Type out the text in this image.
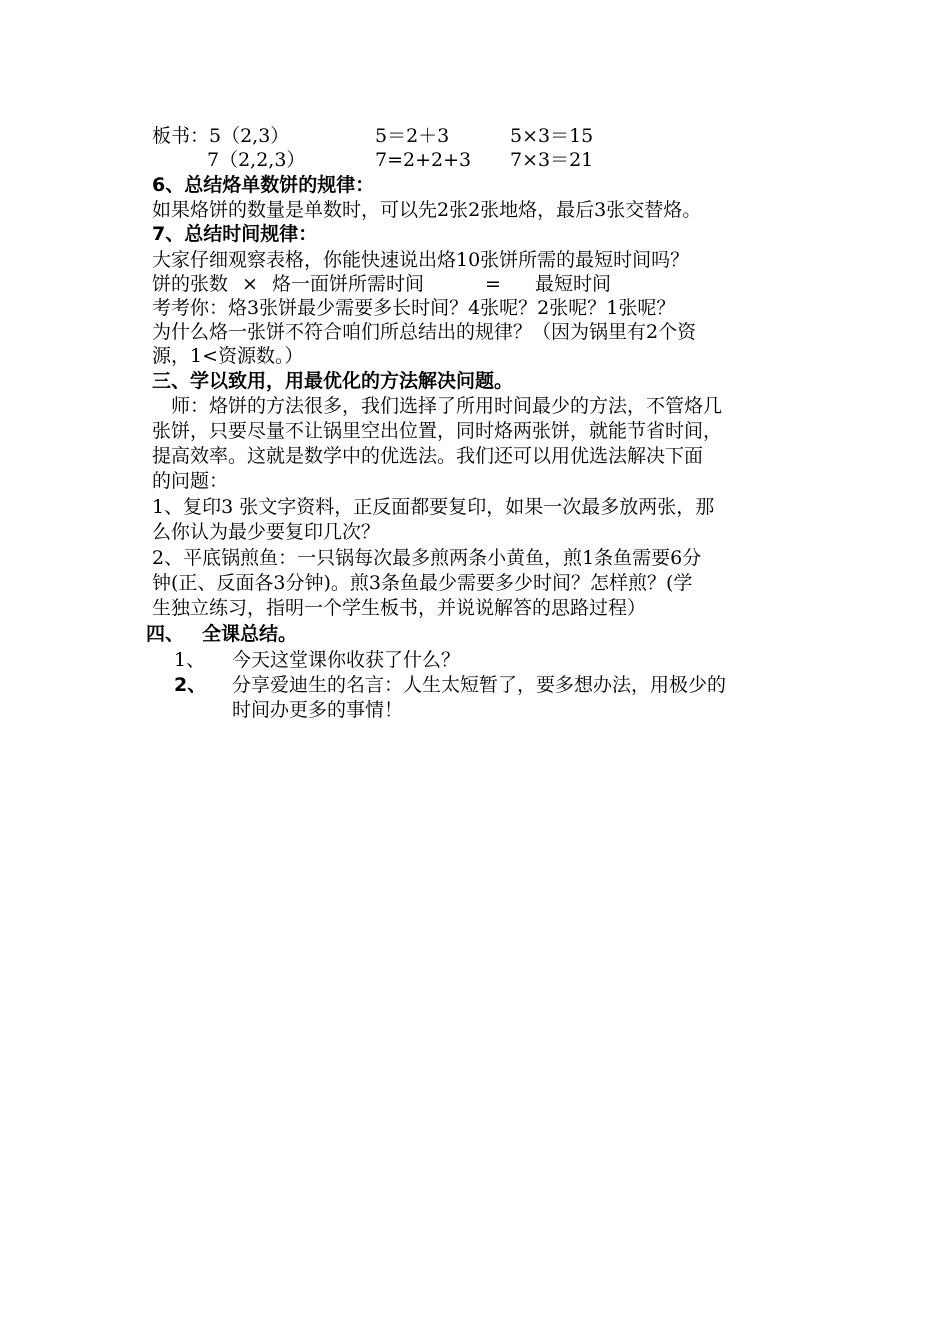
板书：5（2,3）	5＝2＋3	5×3＝15
7（2,2,3）	7=2+2+3 7×3＝21
6、总结烙单数饼的规律：
如果烙饼的数量是单数时，可以先2张2张地烙，最后3张交替烙。
7、总结时间规律：
大家仔细观察表格，你能快速说出烙10张饼所需的最短时间吗？
饼的张数 × 烙一面饼所需时间	= 最短时间
考考你：烙3张饼最少需要多长时间？4张呢？2张呢？1张呢？
为什么烙一张饼不符合咱们所总结出的规律？（因为锅里有2个资
源，1<资源数。）
三、学以致用，用最优化的方法解决问题。
师：烙饼的方法很多，我们选择了所用时间最少的方法，不管烙几
张饼，只要尽量不让锅里空出位置，同时烙两张饼，就能节省时间，
提高效率。这就是数学中的优选法。我们还可以用优选法解决下面
的问题：
1、复印3 张文字资料，正反面都要复印，如果一次最多放两张，那
么你认为最少要复印几次？
2、平底锅煎鱼：一只锅每次最多煎两条小黄鱼，煎1条鱼需要6分
钟(正、反面各3分钟)。煎3条鱼最少需要多少时间？怎样煎？(学
生独立练习，指明一个学生板书，并说说解答的思路过程）
四、 全课总结。
1、 今天这堂课你收获了什么？
2、 分享爱迪生的名言：人生太短暂了，要多想办法，用极少的
时间办更多的事情！
